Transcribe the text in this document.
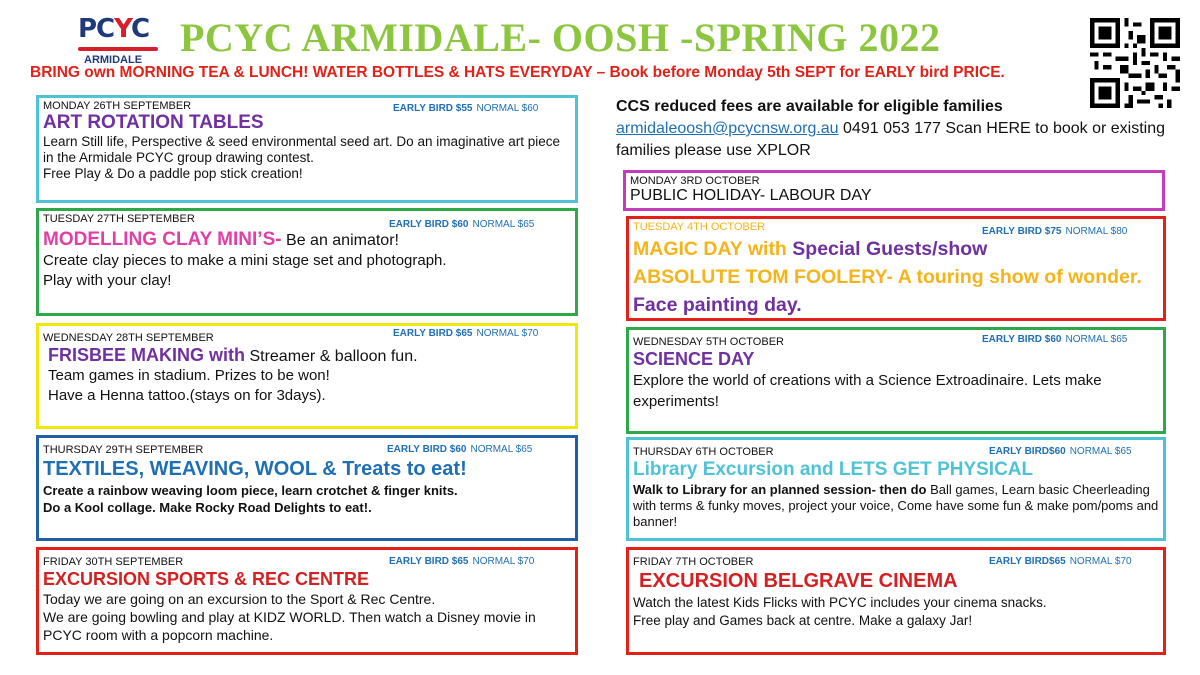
PCYC
ARMIDALE PCYC ARMIDALE- OOSH -SPRING 2022
BRING own MORNING TEA & LUNCH! WATER BOTTLES & HATS EVERYDAY – Book before Monday 5th SEPT for EARLY bird PRICE.
CCS reduced fees are available for eligible families
armidaleoosh@pcycnsw.org.au 0491 053 177 Scan HERE to book or existing families please use XPLOR
MONDAY 26TH SEPTEMBER	EARLY BIRD $55 NORMAL $60
ART ROTATION TABLES
Learn Still life, Perspective & seed environmental seed art. Do an imaginative art piece in the Armidale PCYC group drawing contest.
Free Play & Do a paddle pop stick creation!
TUESDAY 27TH SEPTEMBER	EARLY BIRD $60 NORMAL $65
MODELLING CLAY MINI’S- Be an animator!
Create clay pieces to make a mini stage set and photograph.
Play with your clay!
WEDNESDAY 28TH SEPTEMBER	EARLY BIRD $65 NORMAL $70
FRISBEE MAKING with Streamer & balloon fun.
Team games in stadium. Prizes to be won!
Have a Henna tattoo.(stays on for 3days).
THURSDAY 29TH SEPTEMBER	EARLY BIRD $60 NORMAL $65
TEXTILES, WEAVING, WOOL & Treats to eat!
Create a rainbow weaving loom piece, learn crotchet & finger knits.
Do a Kool collage. Make Rocky Road Delights to eat!.
FRIDAY 30TH SEPTEMBER	EARLY BIRD $65 NORMAL $70
EXCURSION SPORTS & REC CENTRE
Today we are going on an excursion to the Sport & Rec Centre.
We are going bowling and play at KIDZ WORLD. Then watch a Disney movie in PCYC room with a popcorn machine.
MONDAY 3RD OCTOBER
PUBLIC HOLIDAY- LABOUR DAY
TUESDAY 4TH OCTOBER	EARLY BIRD $75 NORMAL $80
MAGIC DAY with Special Guests/show
ABSOLUTE TOM FOOLERY- A touring show of wonder. Face painting day.
WEDNESDAY 5TH OCTOBER	EARLY BIRD $60 NORMAL $65
SCIENCE DAY
Explore the world of creations with a Science Extroadinaire. Lets make experiments!
THURSDAY 6TH OCTOBER	EARLY BIRD$60 NORMAL $65
Library Excursion and LETS GET PHYSICAL
Walk to Library for an planned session- then do Ball games, Learn basic Cheerleading with terms & funky moves, project your voice, Come have some fun & make pom/poms and banner!
FRIDAY 7TH OCTOBER	EARLY BIRD$65 NORMAL $70
EXCURSION BELGRAVE CINEMA
Watch the latest Kids Flicks with PCYC includes your cinema snacks.
Free play and Games back at centre. Make a galaxy Jar!
